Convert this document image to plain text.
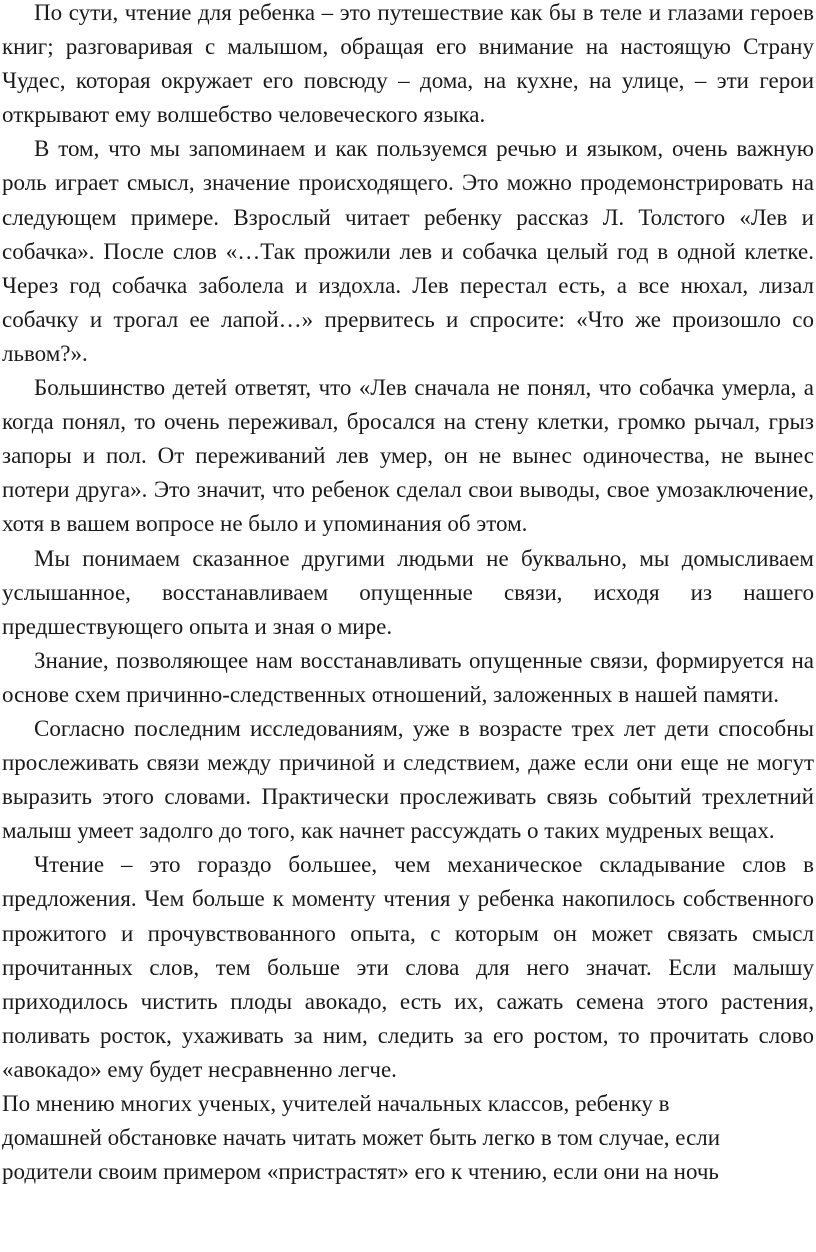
По сути, чтение для ребенка – это путешествие как бы в теле и глазами героев книг; разговаривая с малышом, обращая его внимание на настоящую Страну Чудес, которая окружает его повсюду – дома, на кухне, на улице, – эти герои открывают ему волшебство человеческого языка.

В том, что мы запоминаем и как пользуемся речью и языком, очень важную роль играет смысл, значение происходящего. Это можно продемонстрировать на следующем примере. Взрослый читает ребенку рассказ Л. Толстого «Лев и собачка». После слов «…Так прожили лев и собачка целый год в одной клетке. Через год собачка заболела и издохла. Лев перестал есть, а все нюхал, лизал собачку и трогал ее лапой…» прервитесь и спросите: «Что же произошло со львом?».

Большинство детей ответят, что «Лев сначала не понял, что собачка умерла, а когда понял, то очень переживал, бросался на стену клетки, громко рычал, грыз запоры и пол. От переживаний лев умер, он не вынес одиночества, не вынес потери друга». Это значит, что ребенок сделал свои выводы, свое умозаключение, хотя в вашем вопросе не было и упоминания об этом.

Мы понимаем сказанное другими людьми не буквально, мы домысливаем услышанное, восстанавливаем опущенные связи, исходя из нашего предшествующего опыта и зная о мире.

Знание, позволяющее нам восстанавливать опущенные связи, формируется на основе схем причинно-следственных отношений, заложенных в нашей памяти.

Согласно последним исследованиям, уже в возрасте трех лет дети способны прослеживать связи между причиной и следствием, даже если они еще не могут выразить этого словами. Практически прослеживать связь событий трехлетний малыш умеет задолго до того, как начнет рассуждать о таких мудреных вещах.

Чтение – это гораздо большее, чем механическое складывание слов в предложения. Чем больше к моменту чтения у ребенка накопилось собственного прожитого и прочувствованного опыта, с которым он может связать смысл прочитанных слов, тем больше эти слова для него значат. Если малышу приходилось чистить плоды авокадо, есть их, сажать семена этого растения, поливать росток, ухаживать за ним, следить за его ростом, то прочитать слово «авокадо» ему будет несравненно легче.

По мнению многих ученых, учителей начальных классов, ребенку в

домашней обстановке начать читать может быть легко в том случае, если

родители своим примером «пристрастят» его к чтению, если они на ночь
